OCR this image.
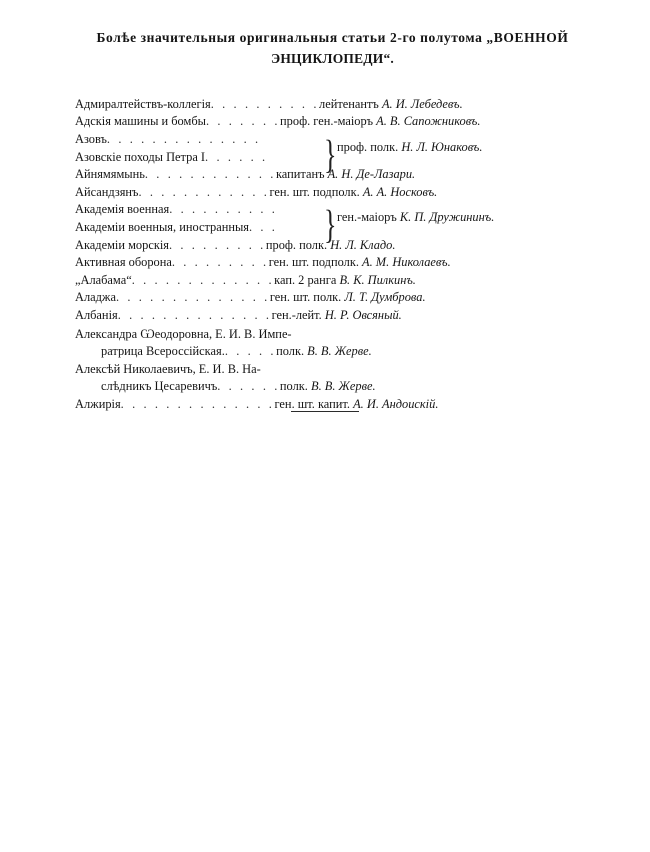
Болѣе значительныя оригинальныя статьи 2-го полутома „ВОЕННОЙ
ЭНЦИКЛОПЕДИ“.
Адмиралтействъ-коллегія. . . . . . . . . .лейтенантъ А. И. Лебедевъ.
Адскія машины и бомбы. . . . . . .проф. ген.-маіоръ А. В. Сапожниковъ.
} проф. полк. Н. Л. Юнаковъ.
Азовъ. . . . . . . . . . . . . .
Азовскіе походы Петра I. . . . . .
Айнямямынь. . . . . . . . . . . .капитанъ А. Н. Де-Лазари.
Айсандзянъ. . . . . . . . . . . .ген. шт. подполк. А. А. Носковъ.
} ген.-маіоръ К. П. Дружининъ.
Академія военная. . . . . . . . . .
Академіи военныя, иностранныя. . .
Академіи морскія. . . . . . . . .проф. полк. Н. Л. Кладо.
Активная оборона. . . . . . . . .ген. шт. подполк. А. М. Николаевъ.
„Алабама“. . . . . . . . . . . . .кап. 2 ранга В. К. Пилкинъ.
Аладжа. . . . . . . . . . . . . .ген. шт. полк. Л. Т. Думбровa.
Албанія. . . . . . . . . . . . . .ген.-лейт. Н. Р. Овсяный.
Александра Ѡеодоровна, Е. И. В. Импе-
ратрица Всероссійская.. . . . .полк. В. В. Жерве.
Алексѣй Николаевичъ, Е. И. В. На-
слѣдникъ Цесаревичъ. . . . . .полк. В. В. Жерве.
Алжирія. . . . . . . . . . . . . .ген. шт. капит. А. И. Андоискій.
